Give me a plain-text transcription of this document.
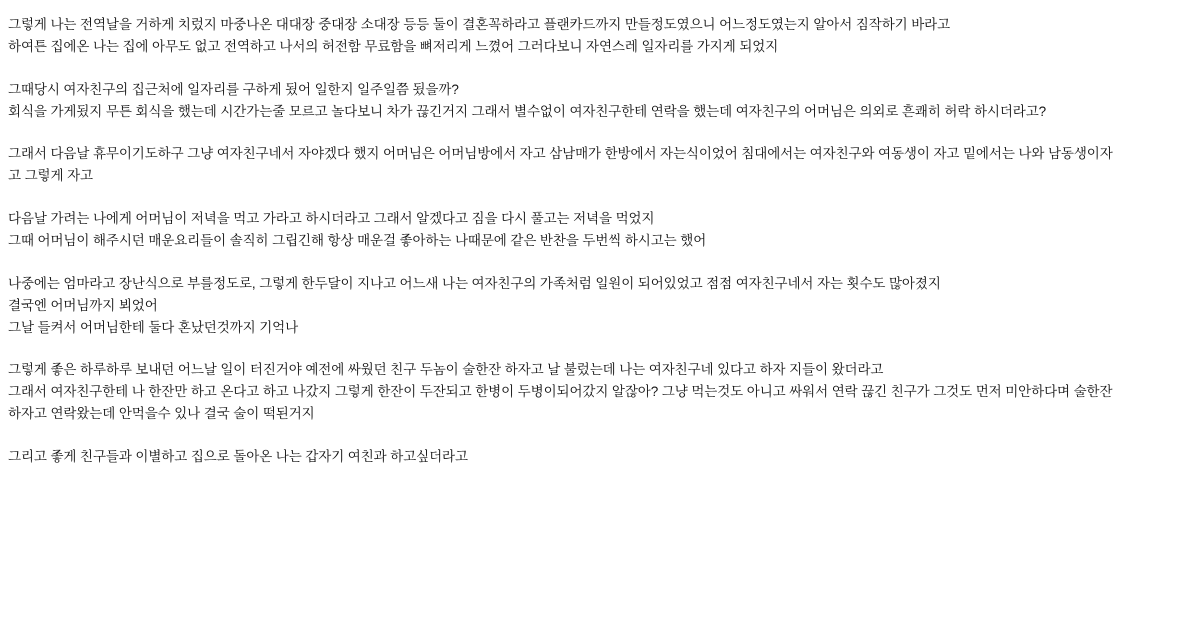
그렇게 나는 전역날을 거하게 치렀지 마중나온 대대장 중대장 소대장 등등 둘이 결혼꼭하라고 플랜카드까지 만들정도였으니 어느정도였는지 알아서 짐작하기 바라고

하여튼 집에온 나는 집에 아무도 없고 전역하고 나서의 허전함 무료함을 뼈저리게 느꼈어 그러다보니 자연스레 일자리를 가지게 되었지

그때당시 여자친구의 집근처에 일자리를 구하게 됬어 일한지 일주일쯤 됬을까?

회식을 가게됬지 무튼 회식을 했는데 시간가는줄 모르고 놀다보니 차가 끊긴거지 그래서 별수없이 여자친구한테 연락을 했는데 여자친구의 어머님은 의외로 흔쾌히 허락 하시더라고?

그래서 다음날 휴무이기도하구 그냥 여자친구네서 자야겠다 했지 어머님은 어머님방에서 자고 삼남매가 한방에서 자는식이었어 침대에서는 여자친구와 여동생이 자고 밑에서는 나와 남동생이자

고 그렇게 자고

다음날 가려는 나에게 어머님이 저녁을 먹고 가라고 하시더라고 그래서 알겠다고 짐을 다시 풀고는 저녁을 먹었지

그때 어머님이 해주시던 매운요리들이 솔직히 그립긴해 항상 매운걸 좋아하는 나때문에 같은 반찬을 두번씩 하시고는 했어

나중에는 엄마라고 장난식으로 부를정도로, 그렇게 한두달이 지나고 어느새 나는 여자친구의 가족처럼 일원이 되어있었고 점점 여자친구네서 자는 횟수도 많아졌지

결국엔 어머님까지 뵈었어

그날 들켜서 어머님한테 둘다 혼났던것까지 기억나

그렇게 좋은 하루하루 보내던 어느날 일이 터진거야 예전에 싸웠던 친구 두놈이 술한잔 하자고 날 불렀는데 나는 여자친구네 있다고 하자 지들이 왔더라고

그래서 여자친구한테 나 한잔만 하고 온다고 하고 나갔지 그렇게 한잔이 두잔되고 한병이 두병이되어갔지 알잖아? 그냥 먹는것도 아니고 싸워서 연락 끊긴 친구가 그것도 먼저 미안하다며 술한잔

하자고 연락왔는데 안먹을수 있나 결국 술이 떡된거지

그리고 좋게 친구들과 이별하고 집으로 돌아온 나는 갑자기 여친과 하고싶더라고
